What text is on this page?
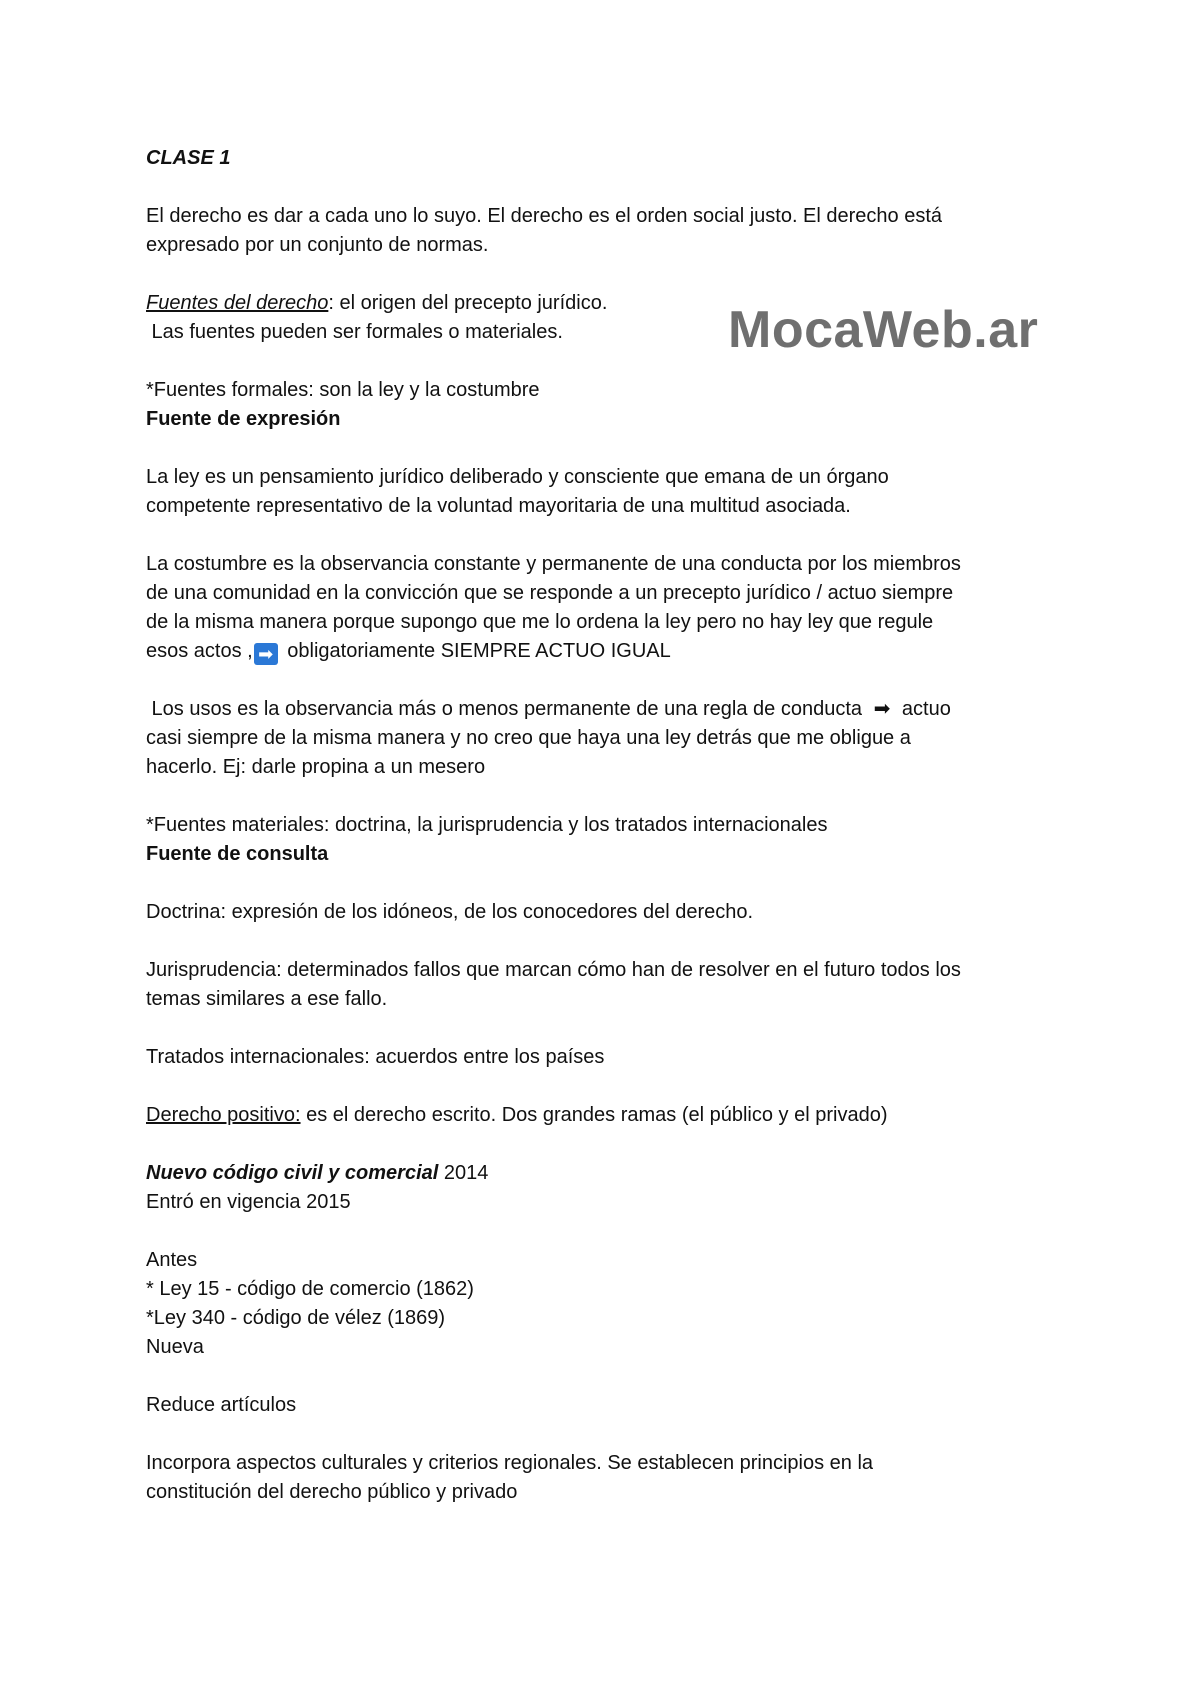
MocaWeb.ar
CLASE 1
El derecho es dar a cada uno lo suyo. El derecho es el orden social justo. El derecho está
expresado por un conjunto de normas.
Fuentes del derecho: el origen del precepto jurídico.
Las fuentes pueden ser formales o materiales.
*Fuentes formales: son la ley y la costumbre
Fuente de expresión
La ley es un pensamiento jurídico deliberado y consciente que emana de un órgano
competente representativo de la voluntad mayoritaria de una multitud asociada.
La costumbre es la observancia constante y permanente de una conducta por los miembros
de una comunidad en la convicción que se responde a un precepto jurídico / actuo siempre
de la misma manera porque supongo que me lo ordena la ley pero no hay ley que regule
esos actos , ➡ obligatoriamente SIEMPRE ACTUO IGUAL
Los usos es la observancia más o menos permanente de una regla de conducta ➡ actuo
casi siempre de la misma manera y no creo que haya una ley detrás que me obligue a
hacerlo. Ej: darle propina a un mesero
*Fuentes materiales: doctrina, la jurisprudencia y los tratados internacionales
Fuente de consulta
Doctrina: expresión de los idóneos, de los conocedores del derecho.
Jurisprudencia: determinados fallos que marcan cómo han de resolver en el futuro todos los
temas similares a ese fallo.
Tratados internacionales: acuerdos entre los países
Derecho positivo: es el derecho escrito. Dos grandes ramas (el público y el privado)
Nuevo código civil y comercial 2014
Entró en vigencia 2015
Antes
* Ley 15 - código de comercio (1862)
*Ley 340 - código de vélez (1869)
Nueva
Reduce artículos
Incorpora aspectos culturales y criterios regionales. Se establecen principios en la
constitución del derecho público y privado
